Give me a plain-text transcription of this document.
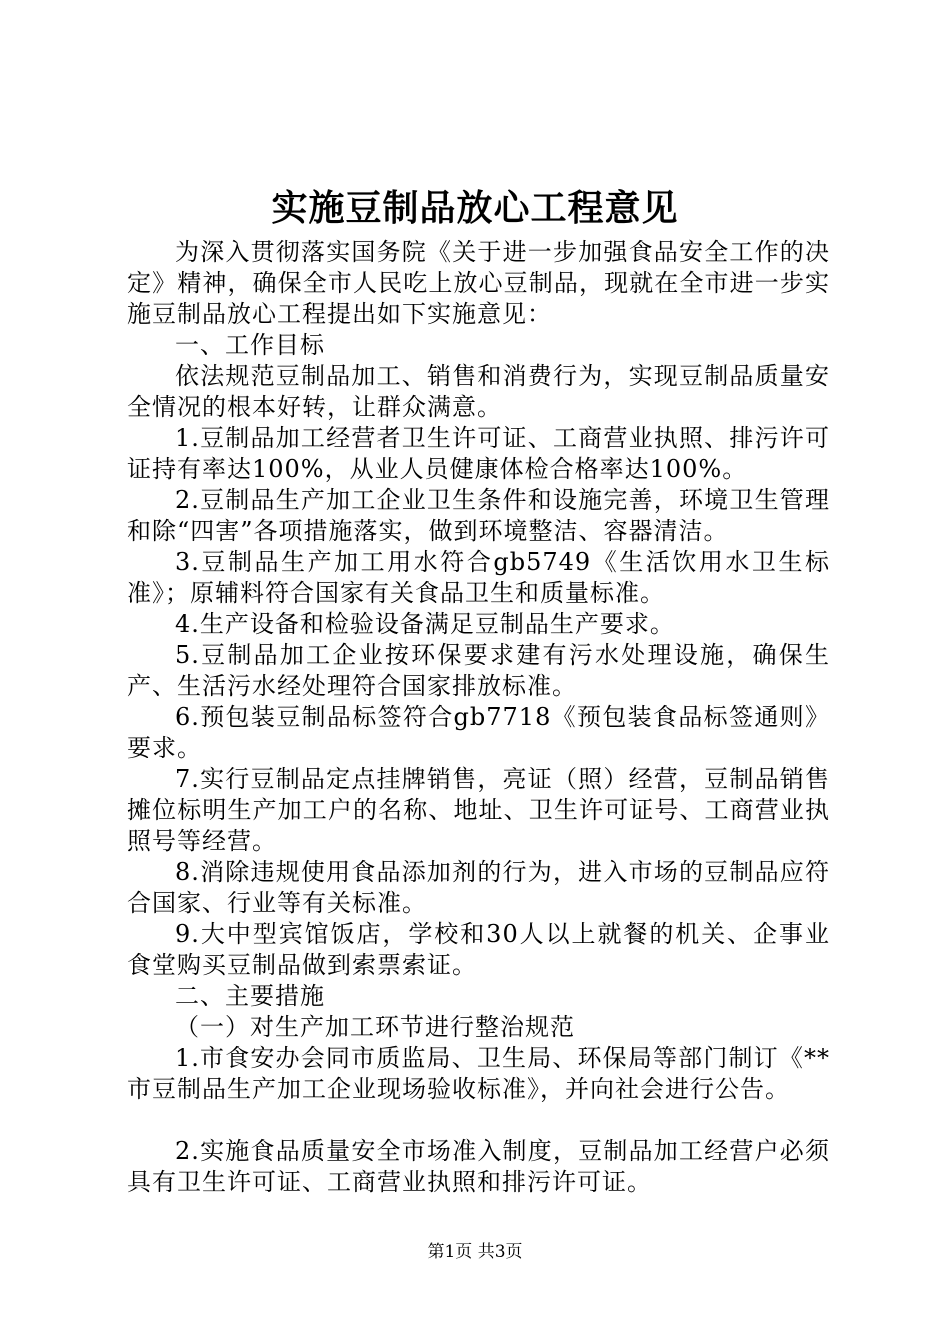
实施豆制品放心工程意见

为深入贯彻落实国务院《关于进一步加强食品安全工作的决定》精神，确保全市人民吃上放心豆制品，现就在全市进一步实施豆制品放心工程提出如下实施意见：

一、工作目标

依法规范豆制品加工、销售和消费行为，实现豆制品质量安全情况的根本好转，让群众满意。

1.豆制品加工经营者卫生许可证、工商营业执照、排污许可证持有率达100%，从业人员健康体检合格率达100%。

2.豆制品生产加工企业卫生条件和设施完善，环境卫生管理和除“四害”各项措施落实，做到环境整洁、容器清洁。

3.豆制品生产加工用水符合gb5749《生活饮用水卫生标准》；原辅料符合国家有关食品卫生和质量标准。

4.生产设备和检验设备满足豆制品生产要求。

5.豆制品加工企业按环保要求建有污水处理设施，确保生产、生活污水经处理符合国家排放标准。

6.预包装豆制品标签符合gb7718《预包装食品标签通则》要求。

7.实行豆制品定点挂牌销售，亮证（照）经营，豆制品销售摊位标明生产加工户的名称、地址、卫生许可证号、工商营业执照号等经营。

8.消除违规使用食品添加剂的行为，进入市场的豆制品应符合国家、行业等有关标准。

9.大中型宾馆饭店，学校和30人以上就餐的机关、企事业食堂购买豆制品做到索票索证。

二、主要措施

（一）对生产加工环节进行整治规范

1.市食安办会同市质监局、卫生局、环保局等部门制订《**市豆制品生产加工企业现场验收标准》，并向社会进行公告。

2.实施食品质量安全市场准入制度，豆制品加工经营户必须具有卫生许可证、工商营业执照和排污许可证。

第1页 共3页
